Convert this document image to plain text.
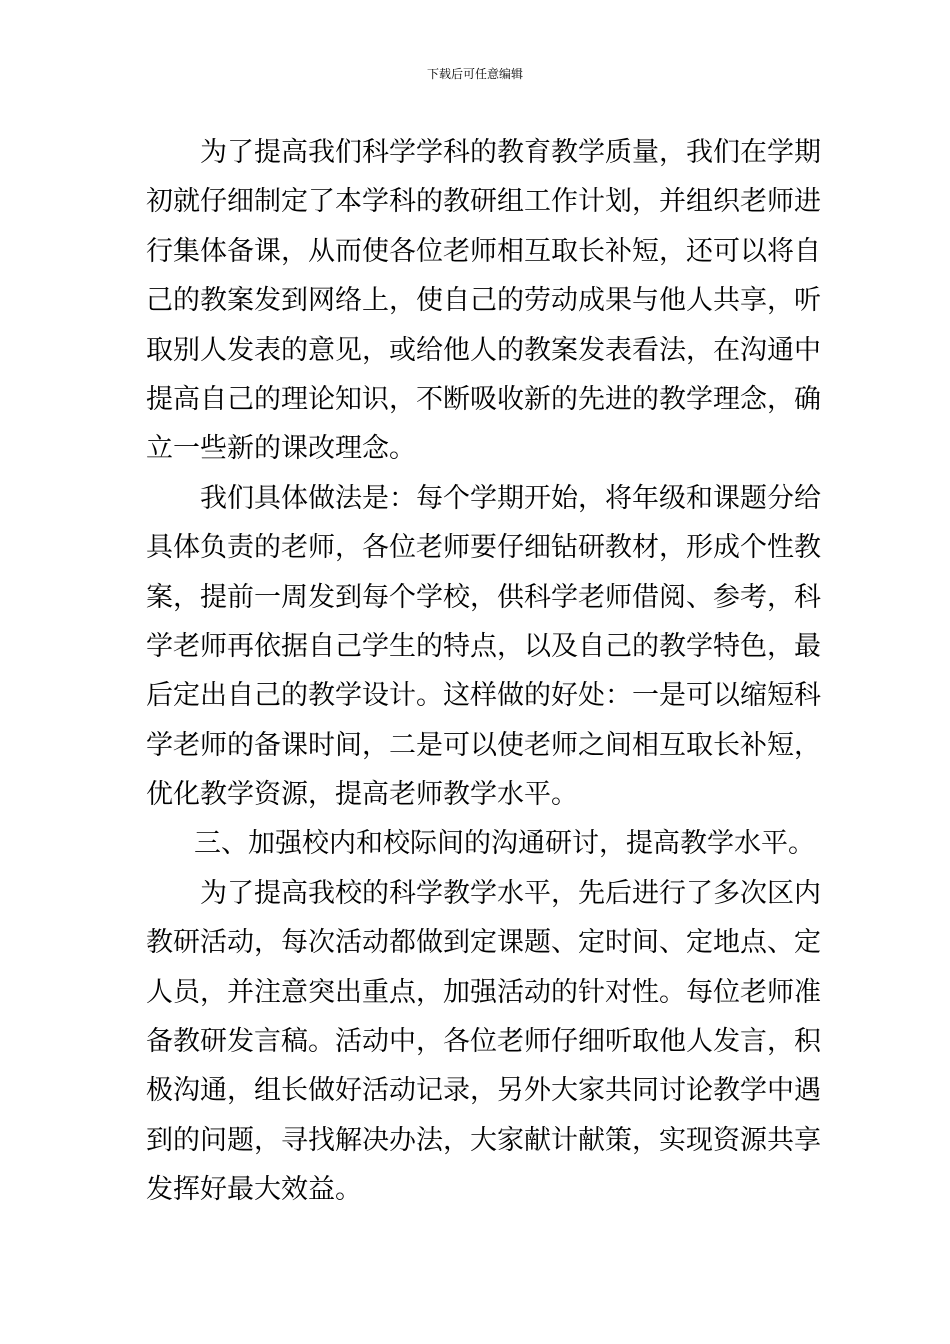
下载后可任意编辑
为了提高我们科学学科的教育教学质量，我们在学期
初就仔细制定了本学科的教研组工作计划，并组织老师进
行集体备课，从而使各位老师相互取长补短，还可以将自
己的教案发到网络上，使自己的劳动成果与他人共享，听
取别人发表的意见，或给他人的教案发表看法，在沟通中
提高自己的理论知识，不断吸收新的先进的教学理念，确
立一些新的课改理念。
我们具体做法是：每个学期开始，将年级和课题分给
具体负责的老师，各位老师要仔细钻研教材，形成个性教
案，提前一周发到每个学校，供科学老师借阅、参考，科
学老师再依据自己学生的特点，以及自己的教学特色，最
后定出自己的教学设计。这样做的好处：一是可以缩短科
学老师的备课时间，二是可以使老师之间相互取长补短，
优化教学资源，提高老师教学水平。
三、加强校内和校际间的沟通研讨，提高教学水平。
为了提高我校的科学教学水平，先后进行了多次区内
教研活动，每次活动都做到定课题、定时间、定地点、定
人员，并注意突出重点，加强活动的针对性。每位老师准
备教研发言稿。活动中，各位老师仔细听取他人发言，积
极沟通，组长做好活动记录，另外大家共同讨论教学中遇
到的问题，寻找解决办法，大家献计献策，实现资源共享
发挥好最大效益。
